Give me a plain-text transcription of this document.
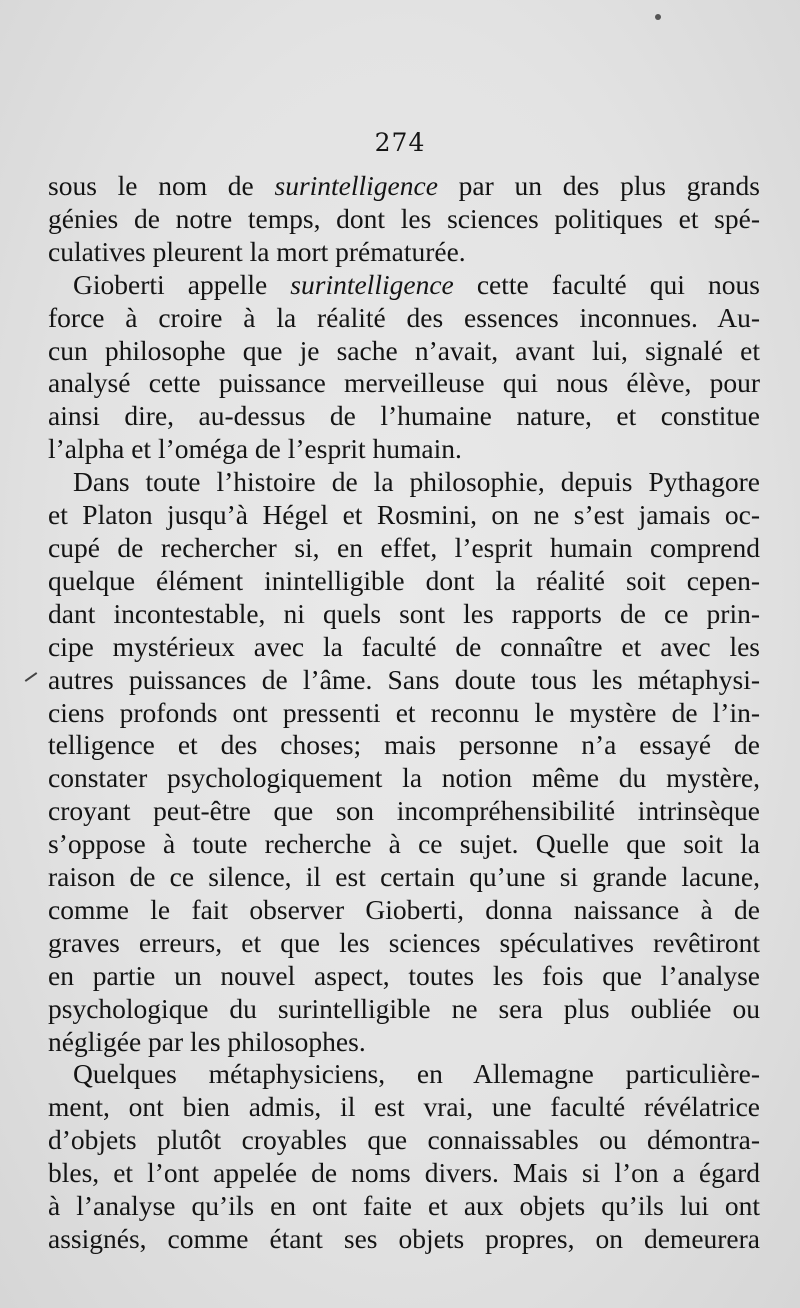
274
sous le nom de surintelligence par un des plus grands
génies de notre temps, dont les sciences politiques et spé-
culatives pleurent la mort prématurée.
Gioberti appelle surintelligence cette faculté qui nous
force à croire à la réalité des essences inconnues. Au-
cun philosophe que je sache n’avait, avant lui, signalé et
analysé cette puissance merveilleuse qui nous élève, pour
ainsi dire, au-dessus de l’humaine nature, et constitue
l’alpha et l’oméga de l’esprit humain.
Dans toute l’histoire de la philosophie, depuis Pythagore
et Platon jusqu’à Hégel et Rosmini, on ne s’est jamais oc-
cupé de rechercher si, en effet, l’esprit humain comprend
quelque élément inintelligible dont la réalité soit cepen-
dant incontestable, ni quels sont les rapports de ce prin-
cipe mystérieux avec la faculté de connaître et avec les
autres puissances de l’âme. Sans doute tous les métaphysi-
ciens profonds ont pressenti et reconnu le mystère de l’in-
telligence et des choses; mais personne n’a essayé de
constater psychologiquement la notion même du mystère,
croyant peut-être que son incompréhensibilité intrinsèque
s’oppose à toute recherche à ce sujet. Quelle que soit la
raison de ce silence, il est certain qu’une si grande lacune,
comme le fait observer Gioberti, donna naissance à de
graves erreurs, et que les sciences spéculatives revêtiront
en partie un nouvel aspect, toutes les fois que l’analyse
psychologique du surintelligible ne sera plus oubliée ou
négligée par les philosophes.
Quelques métaphysiciens, en Allemagne particulière-
ment, ont bien admis, il est vrai, une faculté révélatrice
d’objets plutôt croyables que connaissables ou démontra-
bles, et l’ont appelée de noms divers. Mais si l’on a égard
à l’analyse qu’ils en ont faite et aux objets qu’ils lui ont
assignés, comme étant ses objets propres, on demeurera
